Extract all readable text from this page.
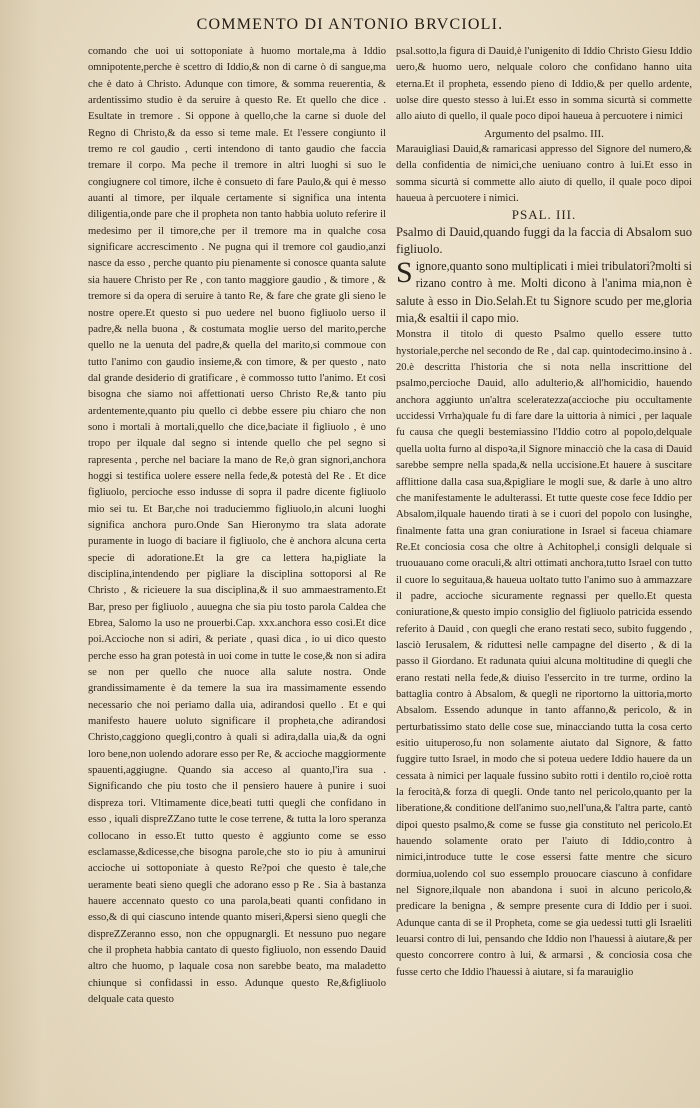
COMMENTO DI ANTONIO BRVCIOLI.

comando che uoi ui sottoponiate à huomo mortale,ma à Iddio omnipotente,perche è scettro di Iddio,& non di carne ò di sangue,ma che è dato à Christo. Adunque con timore, & somma reuerentia, & ardentissimo studio è da seruire à questo Re. Et quello che dice . Esultate in tremore . Si oppone à quello,che la carne si duole del Regno di Christo,& da esso si teme male. Et l'essere congiunto il tremo re col gaudio , certi intendono di tanto gaudio che faccia tremare il corpo. Ma peche il tremore in altri luoghi si suo le congiugnere col timore, ilche è consueto di fare Paulo,& qui è messo auanti al timore, per ilquale certamente si significa una intenta diligentia,onde pare che il propheta non tanto habbia uoluto referire il medesimo per il timore,che per il tremore ma in qualche cosa significare accrescimento . Ne pugna qui il tremore col gaudio,anzi nasce da esso , perche quanto piu pienamente si conosce quanta salute sia hauere Christo per Re , con tanto maggiore gaudio , & timore , & tremore si da opera di seruire à tanto Re, & fare che grate gli sieno le nostre opere.Et questo si puo uedere nel buono figliuolo uerso il padre,& nella buona , & costumata moglie uerso del marito,perche quello ne la uenuta del padre,& quella del marito,si commoue con tutto l'animo con gaudio insieme,& con timore, & per questo , nato dal grande desiderio di gratificare , è commosso tutto l'animo. Et così bisogna che siamo noi affettionati uerso Christo Re,& tanto piu ardentemente,quanto piu quello ci debbe essere piu chiaro che non sono i mortali à mortali,quello che dice,baciate il figliuolo , è uno tropo per ilquale dal segno si intende quello che pel segno si rapresenta , perche nel baciare la mano de Re,ò gran signori,anchora hoggi si testifica uolere essere nella fede,& potestà del Re . Et dice figliuolo, percioche esso indusse di sopra il padre dicente figliuolo mio sei tu. Et Bar,che noi traduciemmo figliuolo,in alcuni luoghi significa anchora puro.Onde San Hieronymo tra slata adorate puramente in luogo di baciare il figliuolo, che è anchora alcuna certa specie di adoratione.Et la gre ca lettera ha,pigliate la disciplina,intendendo per pigliare la disciplina sottoporsi al Re Christo , & ricieuere la sua disciplina,& il suo ammaestramento.Et Bar, preso per figliuolo , auuegna che sia piu tosto parola Caldea che Ebrea, Salomo la uso ne prouerbi.Cap. xxx.anchora esso così.Et dice poi.Accioche non si adiri, & periate , quasi dica , io ui dico questo perche esso ha gran potestà in uoi come in tutte le cose,& non si adira se non per quello che nuoce alla salute nostra. Onde grandissimamente è da temere la sua ira massimamente essendo necessario che noi periamo dalla uia, adirandosi quello . Et e qui manifesto hauere uoluto significare il propheta,che adirandosi Christo,caggiono quegli,contro à quali si adira,dalla uia,& da ogni loro bene,non uolendo adorare esso per Re, & accioche maggiormente spauenti,aggiugne. Quando sia acceso al quanto,l'ira sua . Significando che piu tosto che il pensiero hauere à punire i suoi dispreza tori. Vltimamente dice,beati tutti quegli che confidano in esso , iquali dispreZZano tutte le cose terrene, & tutta la loro speranza collocano in esso.Et tutto questo è aggiunto come se esso esclamasse,&dicesse,che bisogna parole,che sto io piu à amunirui accioche ui sottoponiate à questo Re?poi che questo è tale,che ueramente beati sieno quegli che adorano esso p Re . Sia à bastanza hauere accennato questo co una parola,beati quanti confidano in esso,& di qui ciascuno intende quanto miseri,&persi sieno quegli che dispreZZeranno esso, non che oppugnargli. Et nessuno puo negare che il propheta habbia cantato di questo figliuolo, non essendo Dauid altro che huomo, p laquale cosa non sarebbe beato, ma maladetto chiunque si confidassi in esso. Adunque questo Re,&figliuolo delquale cata questo

psal.sotto,la figura di Dauid,è l'unigenito di Iddio Christo Giesu Iddio uero,& huomo uero, nelquale coloro che confidano hanno uita eterna.Et il propheta, essendo pieno di Iddio,& per quello ardente, uolse dire questo stesso à lui.Et esso in somma sicurtà si commette allo aiuto di quello, il quale poco dipoi haueua à percuotere i nimici

Argumento del psalmo. III.

Marauigliasi Dauid,& ramaricasi appresso del Signore del numero,& della confidentia de nimici,che ueniuano contro à lui.Et esso in somma sicurtà si commette allo aiuto di quello, il quale poco dipoi haueua à percuotere i nimici.

PSAL. III.

Psalmo di Dauid,quando fuggi da la faccia di Absalom suo figliuolo.

Signore,quanto sono multiplicati i miei tribulatori?molti si rizano contro à me. Molti dicono à l'anima mia,non è salute à esso in Dio.Selah.Et tu Signore scudo per me,gloria mia,& esaltii il capo mio.

Monstra il titolo di questo Psalmo quello essere tutto hystoriale,perche nel secondo de Re , dal cap. quintodecimo.insino à . 20.è descritta l'historia che si nota nella inscrittione del psalmo,percioche Dauid, allo adulterio,& all'homicidio, hauendo anchora aggiunto un'altra sceleratezza(accioche piu occultamente uccidessi Vrrha)quale fu di fare dare la uittoria à nimici , per laquale fu causa che quegli bestemiassino l'Iddio cotro al popolo,delquale quella uolta furno al dispoꝛa,il Signore minacciò che la casa di Dauid sarebbe sempre nella spada,& nella uccisione.Et hauere à suscitare afflittione dalla casa sua,&pigliare le mogli sue, & darle à uno altro che manifestamente le adulterassi. Et tutte queste cose fece Iddio per Absalom,ilquale hauendo tirati à se i cuori del popolo con lusinghe, finalmente fatta una gran coniuratione in Israel si faceua chiamare Re.Et conciosia cosa che oltre à Achitophel,i consigli delquale si truouauano come oraculi,& altri ottimati anchora,tutto Israel con tutto il cuore lo seguitaua,& haueua uoltato tutto l'animo suo à ammazzare il padre, accioche sicuramente regnassi per quello.Et questa coniuratione,& questo impio consiglio del figliuolo patricida essendo referito à Dauid , con quegli che erano restati seco, subito fuggendo , lasciò Ierusalem, & riduttesi nelle campagne del diserto , & di la passo il Giordano. Et radunata quiui alcuna moltitudine di quegli che erano restati nella fede,& diuiso l'essercito in tre turme, ordino la battaglia contro à Absalom, & quegli ne riportorno la uittoria,morto Absalom. Essendo adunque in tanto affanno,& pericolo, & in perturbatissimo stato delle cose sue, minacciando tutta la cosa certo esitio uituperoso,fu non solamente aiutato dal Signore, & fatto fuggire tutto Israel, in modo che si poteua uedere Iddio hauere da un cessata à nimici per laquale fussino subito rotti i dentilo ro,cioè rotta la ferocità,& forza di quegli. Onde tanto nel pericolo,quanto per la liberatione,& conditione dell'animo suo,nell'una,& l'altra parte, cantò dipoi questo psalmo,& come se fusse gia constituto nel pericolo.Et hauendo solamente orato per l'aiuto di Iddio,contro à nimici,introduce tutte le cose essersi fatte mentre che sicuro dormiua,uolendo col suo essemplo prouocare ciascuno à confidare nel Signore,ilquale non abandona i suoi in alcuno pericolo,& predicare la benigna , & sempre presente cura di Iddio per i suoi. Adunque canta di se il Propheta, come se gia uedessi tutti gli Israeliti leuarsi contro di lui, pensando che Iddio non l'hauessi à aiutare,& per questo concorrere contro à lui, & armarsi , & conciosia cosa che fusse certo che Iddio l'hauessi à aiutare, si fa marauiglio
